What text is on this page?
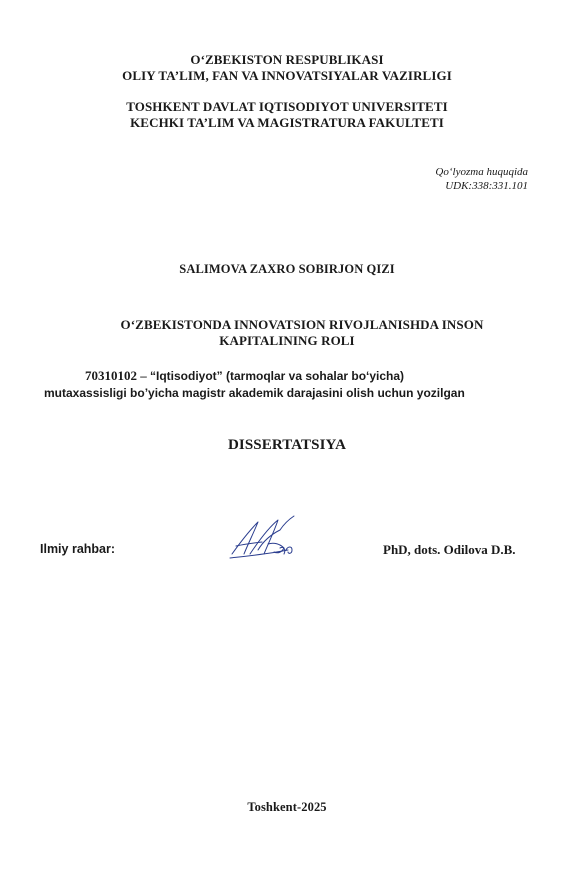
O‘ZBEKISTON RESPUBLIKASI
OLIY TA’LIM, FAN VA INNOVATSIYALAR VAZIRLIGI
TOSHKENT DAVLAT IQTISODIYOT UNIVERSITETI
KECHKI TA’LIM VA MAGISTRATURA FAKULTETI
Qo‘lyozma huquqida
UDK:338:331.101
SALIMOVA ZAXRO SOBIRJON QIZI
O‘ZBEKISTONDA INNOVATSION RIVOJLANISHDA INSON
KAPITALINING ROLI
70310102 – “Iqtisodiyot” (tarmoqlar va sohalar bo‘yicha)
mutaxassisligi bo’yicha magistr akademik darajasini olish uchun yozilgan
DISSERTATSIYA
Ilmiy rahbar:	PhD, dots. Odilova D.B.
Toshkent-2025
